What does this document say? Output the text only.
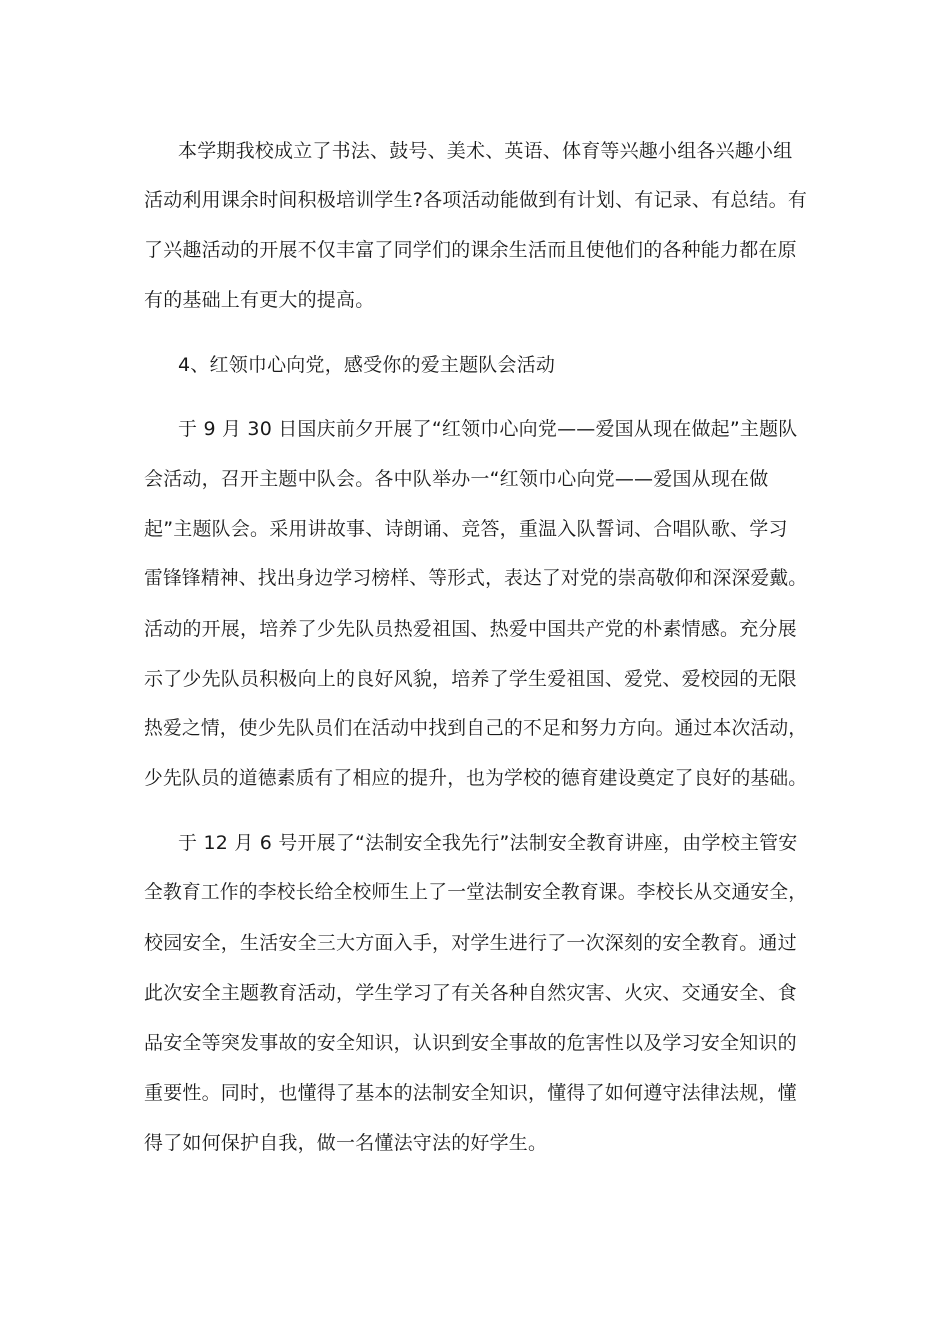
本学期我校成立了书法、鼓号、美术、英语、体育等兴趣小组各兴趣小组
活动利用课余时间积极培训学生?各项活动能做到有计划、有记录、有总结。有
了兴趣活动的开展不仅丰富了同学们的课余生活而且使他们的各种能力都在原
有的基础上有更大的提高。
4、红领巾心向党，感受你的爱主题队会活动
于 9 月 30 日国庆前夕开展了“红领巾心向党——爱国从现在做起”主题队
会活动，召开主题中队会。各中队举办一“红领巾心向党——爱国从现在做
起”主题队会。采用讲故事、诗朗诵、竞答，重温入队誓词、合唱队歌、学习
雷锋锋精神、找出身边学习榜样、等形式，表达了对党的崇高敬仰和深深爱戴。
活动的开展，培养了少先队员热爱祖国、热爱中国共产党的朴素情感。充分展
示了少先队员积极向上的良好风貌，培养了学生爱祖国、爱党、爱校园的无限
热爱之情，使少先队员们在活动中找到自己的不足和努力方向。通过本次活动，
少先队员的道德素质有了相应的提升，也为学校的德育建设奠定了良好的基础。
于 12 月 6 号开展了“法制安全我先行”法制安全教育讲座，由学校主管安
全教育工作的李校长给全校师生上了一堂法制安全教育课。李校长从交通安全，
校园安全，生活安全三大方面入手，对学生进行了一次深刻的安全教育。通过
此次安全主题教育活动，学生学习了有关各种自然灾害、火灾、交通安全、食
品安全等突发事故的安全知识，认识到安全事故的危害性以及学习安全知识的
重要性。同时，也懂得了基本的法制安全知识，懂得了如何遵守法律法规，懂
得了如何保护自我，做一名懂法守法的好学生。
